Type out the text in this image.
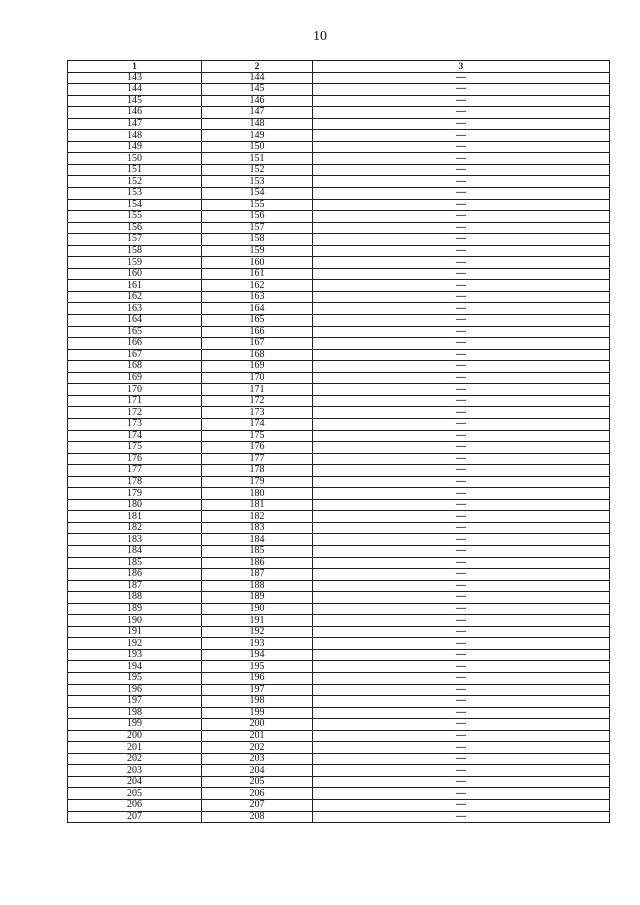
10
1	2	3
143	144	—
144	145	—
145	146	—
146	147	—
147	148	—
148	149	—
149	150	—
150	151	—
151	152	—
152	153	—
153	154	—
154	155	—
155	156	—
156	157	—
157	158	—
158	159	—
159	160	—
160	161	—
161	162	—
162	163	—
163	164	—
164	165	—
165	166	—
166	167	—
167	168	—
168	169	—
169	170	—
170	171	—
171	172	—
172	173	—
173	174	—
174	175	—
175	176	—
176	177	—
177	178	—
178	179	—
179	180	—
180	181	—
181	182	—
182	183	—
183	184	—
184	185	—
185	186	—
186	187	—
187	188	—
188	189	—
189	190	—
190	191	—
191	192	—
192	193	—
193	194	—
194	195	—
195	196	—
196	197	—
197	198	—
198	199	—
199	200	—
200	201	—
201	202	—
202	203	—
203	204	—
204	205	—
205	206	—
206	207	—
207	208	—
